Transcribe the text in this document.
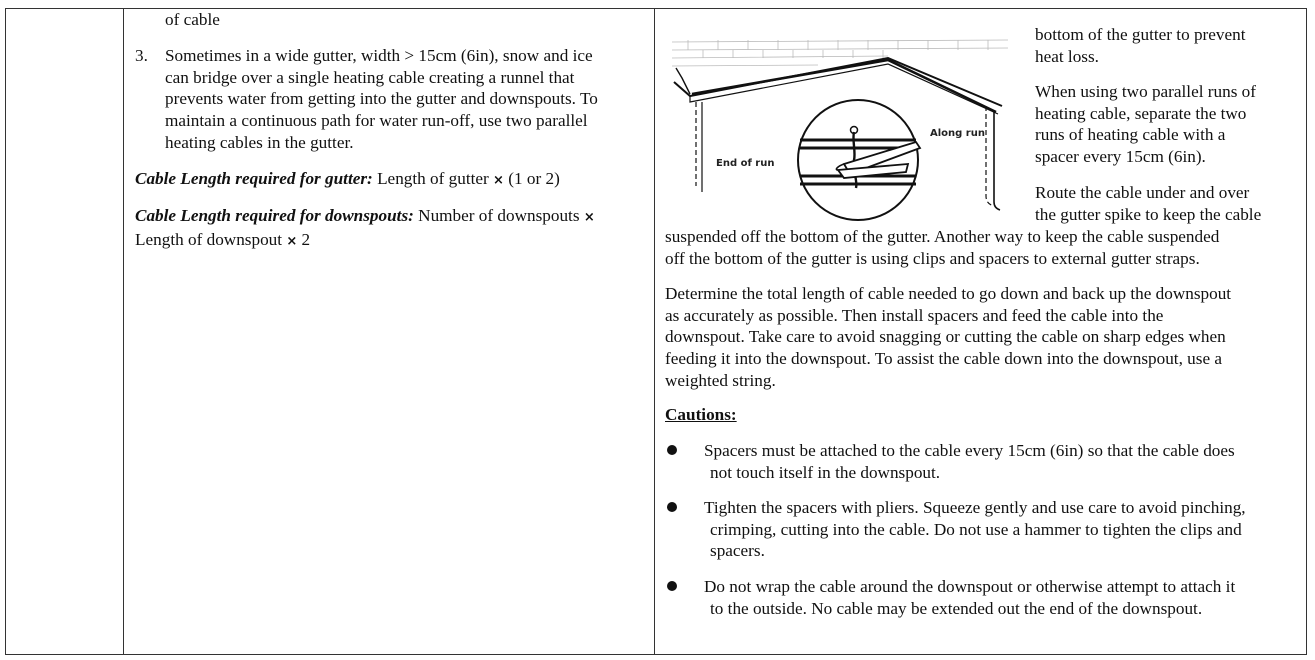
of cable
3. Sometimes in a wide gutter, width > 15cm (6in), snow and ice
can bridge over a single heating cable creating a runnel that
prevents water from getting into the gutter and downspouts. To
maintain a continuous path for water run-off, use two parallel
heating cables in the gutter.
Cable Length required for gutter: Length of gutter × (1 or 2)
Cable Length required for downspouts: Number of downspouts ×
Length of downspout × 2
Along run
End of run
bottom of the gutter to prevent
heat loss.
When using two parallel runs of
heating cable, separate the two
runs of heating cable with a
spacer every 15cm (6in).
Route the cable under and over
the gutter spike to keep the cable
suspended off the bottom of the gutter. Another way to keep the cable suspended
off the bottom of the gutter is using clips and spacers to external gutter straps.
Determine the total length of cable needed to go down and back up the downspout
as accurately as possible. Then install spacers and feed the cable into the
downspout. Take care to avoid snagging or cutting the cable on sharp edges when
feeding it into the downspout. To assist the cable down into the downspout, use a
weighted string.
Cautions:
Spacers must be attached to the cable every 15cm (6in) so that the cable does
not touch itself in the downspout.
Tighten the spacers with pliers. Squeeze gently and use care to avoid pinching,
crimping, cutting into the cable. Do not use a hammer to tighten the clips and
spacers.
Do not wrap the cable around the downspout or otherwise attempt to attach it
to the outside. No cable may be extended out the end of the downspout.
